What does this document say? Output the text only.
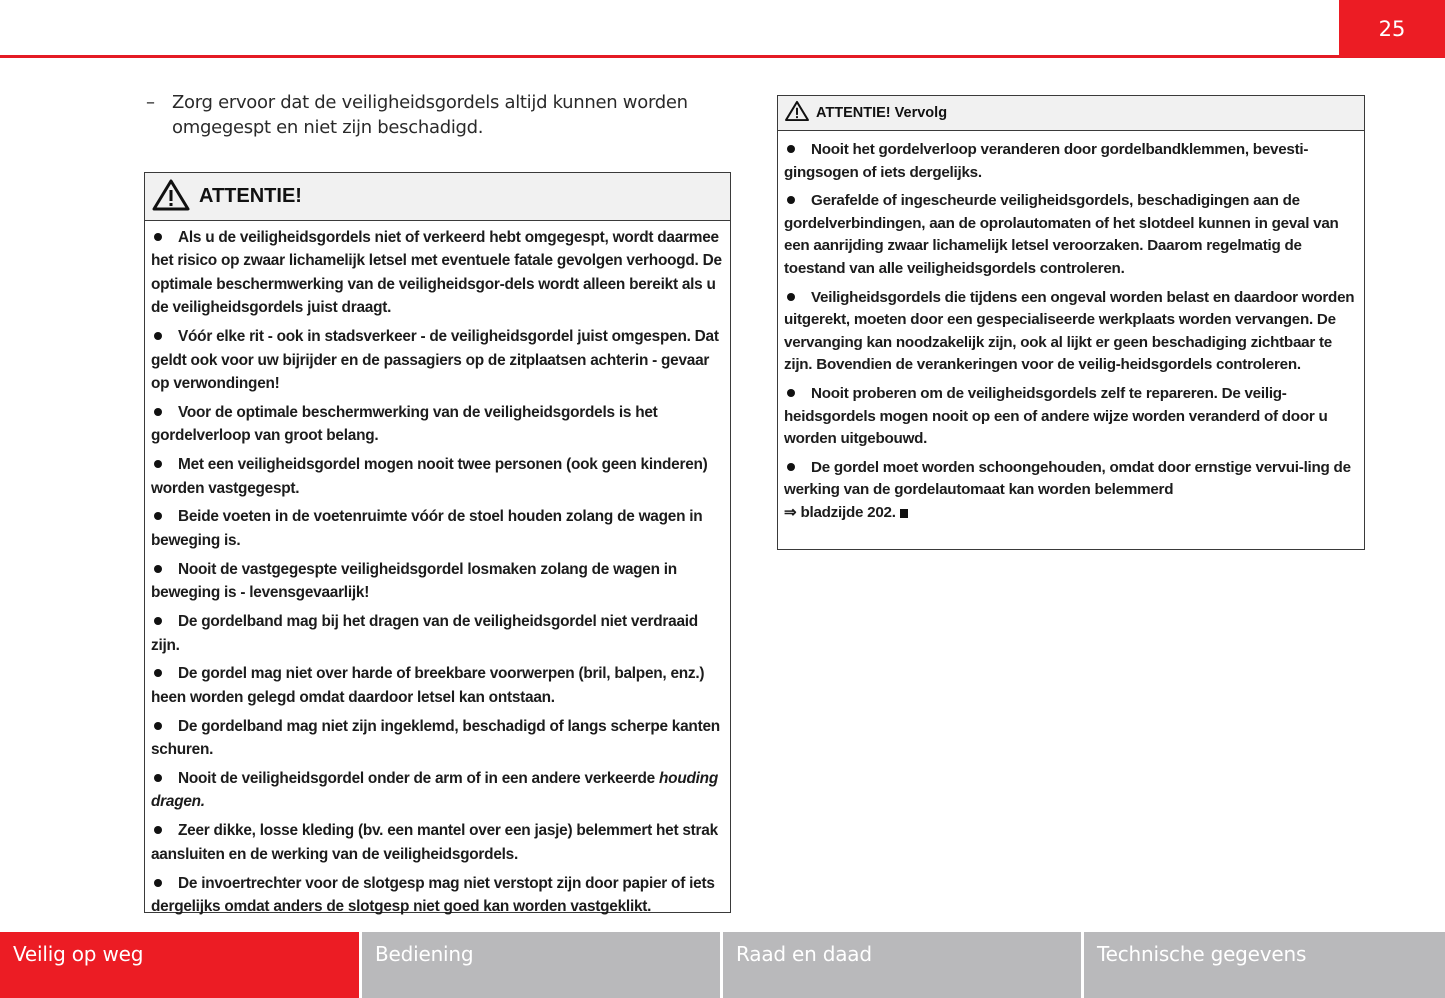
25
– Zorg ervoor dat de veiligheidsgordels altijd kunnen worden omgegespt en niet zijn beschadigd.
ATTENTIE!
Als u de veiligheidsgordels niet of verkeerd hebt omgegespt, wordt daarmee het risico op zwaar lichamelijk letsel met eventuele fatale gevolgen verhoogd. De optimale beschermwerking van de veiligheidsgor-dels wordt alleen bereikt als u de veiligheidsgordels juist draagt.
Vóór elke rit - ook in stadsverkeer - de veiligheidsgordel juist omgespen. Dat geldt ook voor uw bijrijder en de passagiers op de zitplaatsen achterin - gevaar op verwondingen!
Voor de optimale beschermwerking van de veiligheidsgordels is het gordelverloop van groot belang.
Met een veiligheidsgordel mogen nooit twee personen (ook geen kinderen) worden vastgegespt.
Beide voeten in de voetenruimte vóór de stoel houden zolang de wagen in beweging is.
Nooit de vastgegespte veiligheidsgordel losmaken zolang de wagen in beweging is - levensgevaarlijk!
De gordelband mag bij het dragen van de veiligheidsgordel niet verdraaid zijn.
De gordel mag niet over harde of breekbare voorwerpen (bril, balpen, enz.) heen worden gelegd omdat daardoor letsel kan ontstaan.
De gordelband mag niet zijn ingeklemd, beschadigd of langs scherpe kanten schuren.
Nooit de veiligheidsgordel onder de arm of in een andere verkeerde houding dragen.
Zeer dikke, losse kleding (bv. een mantel over een jasje) belemmert het strak aansluiten en de werking van de veiligheidsgordels.
De invoertrechter voor de slotgesp mag niet verstopt zijn door papier of iets dergelijks omdat anders de slotgesp niet goed kan worden vastgeklikt.
ATTENTIE! Vervolg
Nooit het gordelverloop veranderen door gordelbandklemmen, bevesti-gingsogen of iets dergelijks.
Gerafelde of ingescheurde veiligheidsgordels, beschadigingen aan de gordelverbindingen, aan de oprolautomaten of het slotdeel kunnen in geval van een aanrijding zwaar lichamelijk letsel veroorzaken. Daarom regelmatig de toestand van alle veiligheidsgordels controleren.
Veiligheidsgordels die tijdens een ongeval worden belast en daardoor worden uitgerekt, moeten door een gespecialiseerde werkplaats worden vervangen. De vervanging kan noodzakelijk zijn, ook al lijkt er geen beschadiging zichtbaar te zijn. Bovendien de verankeringen voor de veilig-heidsgordels controleren.
Nooit proberen om de veiligheidsgordels zelf te repareren. De veilig-heidsgordels mogen nooit op een of andere wijze worden veranderd of door u worden uitgebouwd.
De gordel moet worden schoongehouden, omdat door ernstige vervui-ling de werking van de gordelautomaat kan worden belemmerd
⇒ bladzijde 202.
Veilig op weg	Bediening	Raad en daad	Technische gegevens
